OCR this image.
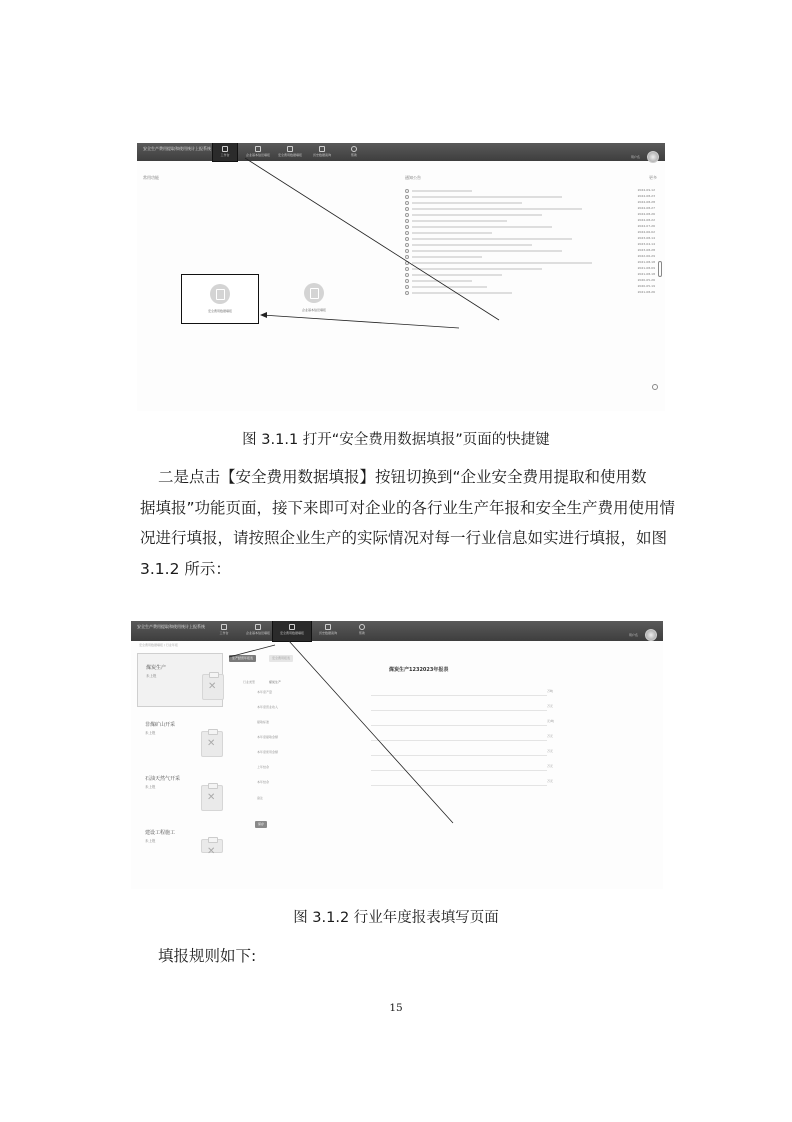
安全生产费用提取和使用统计上报系统
工作台	企业基本信息填报	安全费用数据填报	历史数据查询	帮助	用户名
常用功能	通知公告	更多
2024-09-12
2024-08-23
2024-08-28
2024-08-27
2024-08-26
2024-08-22
2024-07-26
2024-06-02
2023-08-14
2023-04-14
2023-08-28
2022-06-29
2021-08-18
2021-08-09
2021-08-18
2020-05-26
2020-05-19
2021-08-26
安全费用数据填报	企业基本信息填报
图 3.1.1 打开“安全费用数据填报”页面的快捷键
二是点击【安全费用数据填报】按钮切换到“企业安全费用提取和使用数
据填报”功能页面，接下来即可对企业的各行业生产年报和安全生产费用使用情
况进行填报，请按照企业生产的实际情况对每一行业信息如实进行填报，如图
3.1.2 所示：
安全生产费用提取和使用统计上报系统
工作台	企业基本信息填报	安全费用数据填报	历史数据查询	帮助	用户名
安全费用数据填报 / 行业年报
煤炭生产
未上报
✕
非煤矿山开采
未上报
✕
石油天然气开采
未上报
✕
建设工程施工
未上报
✕
生产经营年报表	安全费用报表
煤炭生产1232023年报表
行业类型	煤炭生产
本年度产量	万吨
本年度营业收入	万元
提取标准	元/吨
本年度提取金额	万元
本年度使用金额	万元
上年结余	万元
本年结余	万元
备注
保存
图 3.1.2 行业年度报表填写页面
填报规则如下:
15
